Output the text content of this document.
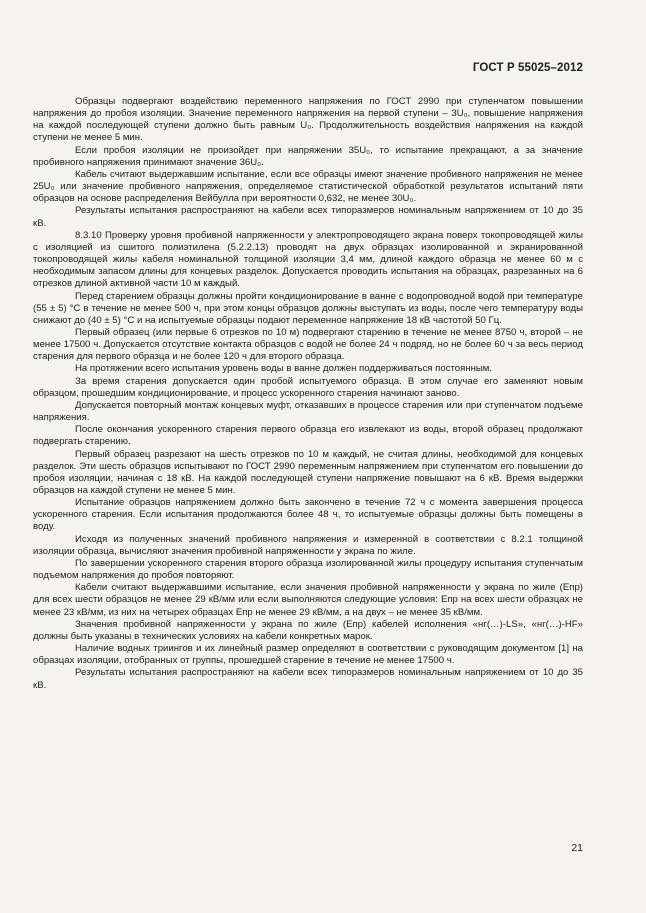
ГОСТ Р 55025–2012

Образцы подвергают воздействию переменного напряжения по ГОСТ 2990 при ступенчатом повышении напряжения до пробоя изоляции. Значение переменного напряжения на первой ступени – 3U₀, повышение напряжения на каждой последующей ступени должно быть равным U₀. Продолжительность воздействия напряжения на каждой ступени не менее 5 мин.

Если пробоя изоляции не произойдет при напряжении 35U₀, то испытание прекращают, а за значение пробивного напряжения принимают значение 36U₀.

Кабель считают выдержавшим испытание, если все образцы имеют значение пробивного напряжения не менее 25U₀ или значение пробивного напряжения, определяемое статистической обработкой результатов испытаний пяти образцов на основе распределения Вейбулла при вероятности 0,632, не менее 30U₀.

Результаты испытания распространяют на кабели всех типоразмеров номинальным напряжением от 10 до 35 кВ.

8.3.10 Проверку уровня пробивной напряженности у электропроводящего экрана поверх токопроводящей жилы с изоляцией из сшитого полиэтилена (5.2.2.13) проводят на двух образцах изолированной и экранированной токопроводящей жилы кабеля номинальной толщиной изоляции 3,4 мм, длиной каждого образца не менее 60 м с необходимым запасом длины для концевых разделок. Допускается проводить испытания на образцах, разрезанных на 6 отрезков длиной активной части 10 м каждый.

Перед старением образцы должны пройти кондиционирование в ванне с водопроводной водой при температуре (55 ± 5) °С в течение не менее 500 ч, при этом концы образцов должны выступать из воды, после чего температуру воды снижают до (40 ± 5) °С и на испытуемые образцы подают переменное напряжение 18 кВ частотой 50 Гц.

Первый образец (или первые 6 отрезков по 10 м) подвергают старению в течение не менее 8750 ч, второй – не менее 17500 ч. Допускается отсутствие контакта образцов с водой не более 24 ч подряд, но не более 60 ч за весь период старения для первого образца и не более 120 ч для второго образца.

На протяжении всего испытания уровень воды в ванне должен поддерживаться постоянным.

За время старения допускается один пробой испытуемого образца. В этом случае его заменяют новым образцом, прошедшим кондиционирование, и процесс ускоренного старения начинают заново.

Допускается повторный монтаж концевых муфт, отказавших в процессе старения или при ступенчатом подъеме напряжения.

После окончания ускоренного старения первого образца его извлекают из воды, второй образец продолжают подвергать старению.

Первый образец разрезают на шесть отрезков по 10 м каждый, не считая длины, необходимой для концевых разделок. Эти шесть образцов испытывают по ГОСТ 2990 переменным напряжением при ступенчатом его повышении до пробоя изоляции, начиная с 18 кВ. На каждой последующей ступени напряжение повышают на 6 кВ. Время выдержки образцов на каждой ступени не менее 5 мин.

Испытание образцов напряжением должно быть закончено в течение 72 ч с момента завершения процесса ускоренного старения. Если испытания продолжаются более 48 ч, то испытуемые образцы должны быть помещены в воду.

Исходя из полученных значений пробивного напряжения и измеренной в соответствии с 8.2.1 толщиной изоляции образца, вычисляют значения пробивной напряженности у экрана по жиле.

По завершении ускоренного старения второго образца изолированной жилы процедуру испытания ступенчатым подъемом напряжения до пробоя повторяют.

Кабели считают выдержавшими испытание, если значения пробивной напряженности у экрана по жиле (Eпр) для всех шести образцов не менее 29 кВ/мм или если выполняются следующие условия: Eпр на всех шести образцах не менее 23 кВ/мм, из них на четырех образцах Eпр не менее 29 кВ/мм, а на двух – не менее 35 кВ/мм.

Значения пробивной напряженности у экрана по жиле (Eпр) кабелей исполнения «нг(…)-LS», «нг(…)-HF» должны быть указаны в технических условиях на кабели конкретных марок.

Наличие водных триингов и их линейный размер определяют в соответствии с руководящим документом [1] на образцах изоляции, отобранных от группы, прошедшей старение в течение не менее 17500 ч.

Результаты испытания распространяют на кабели всех типоразмеров номинальным напряжением от 10 до 35 кВ.

21
